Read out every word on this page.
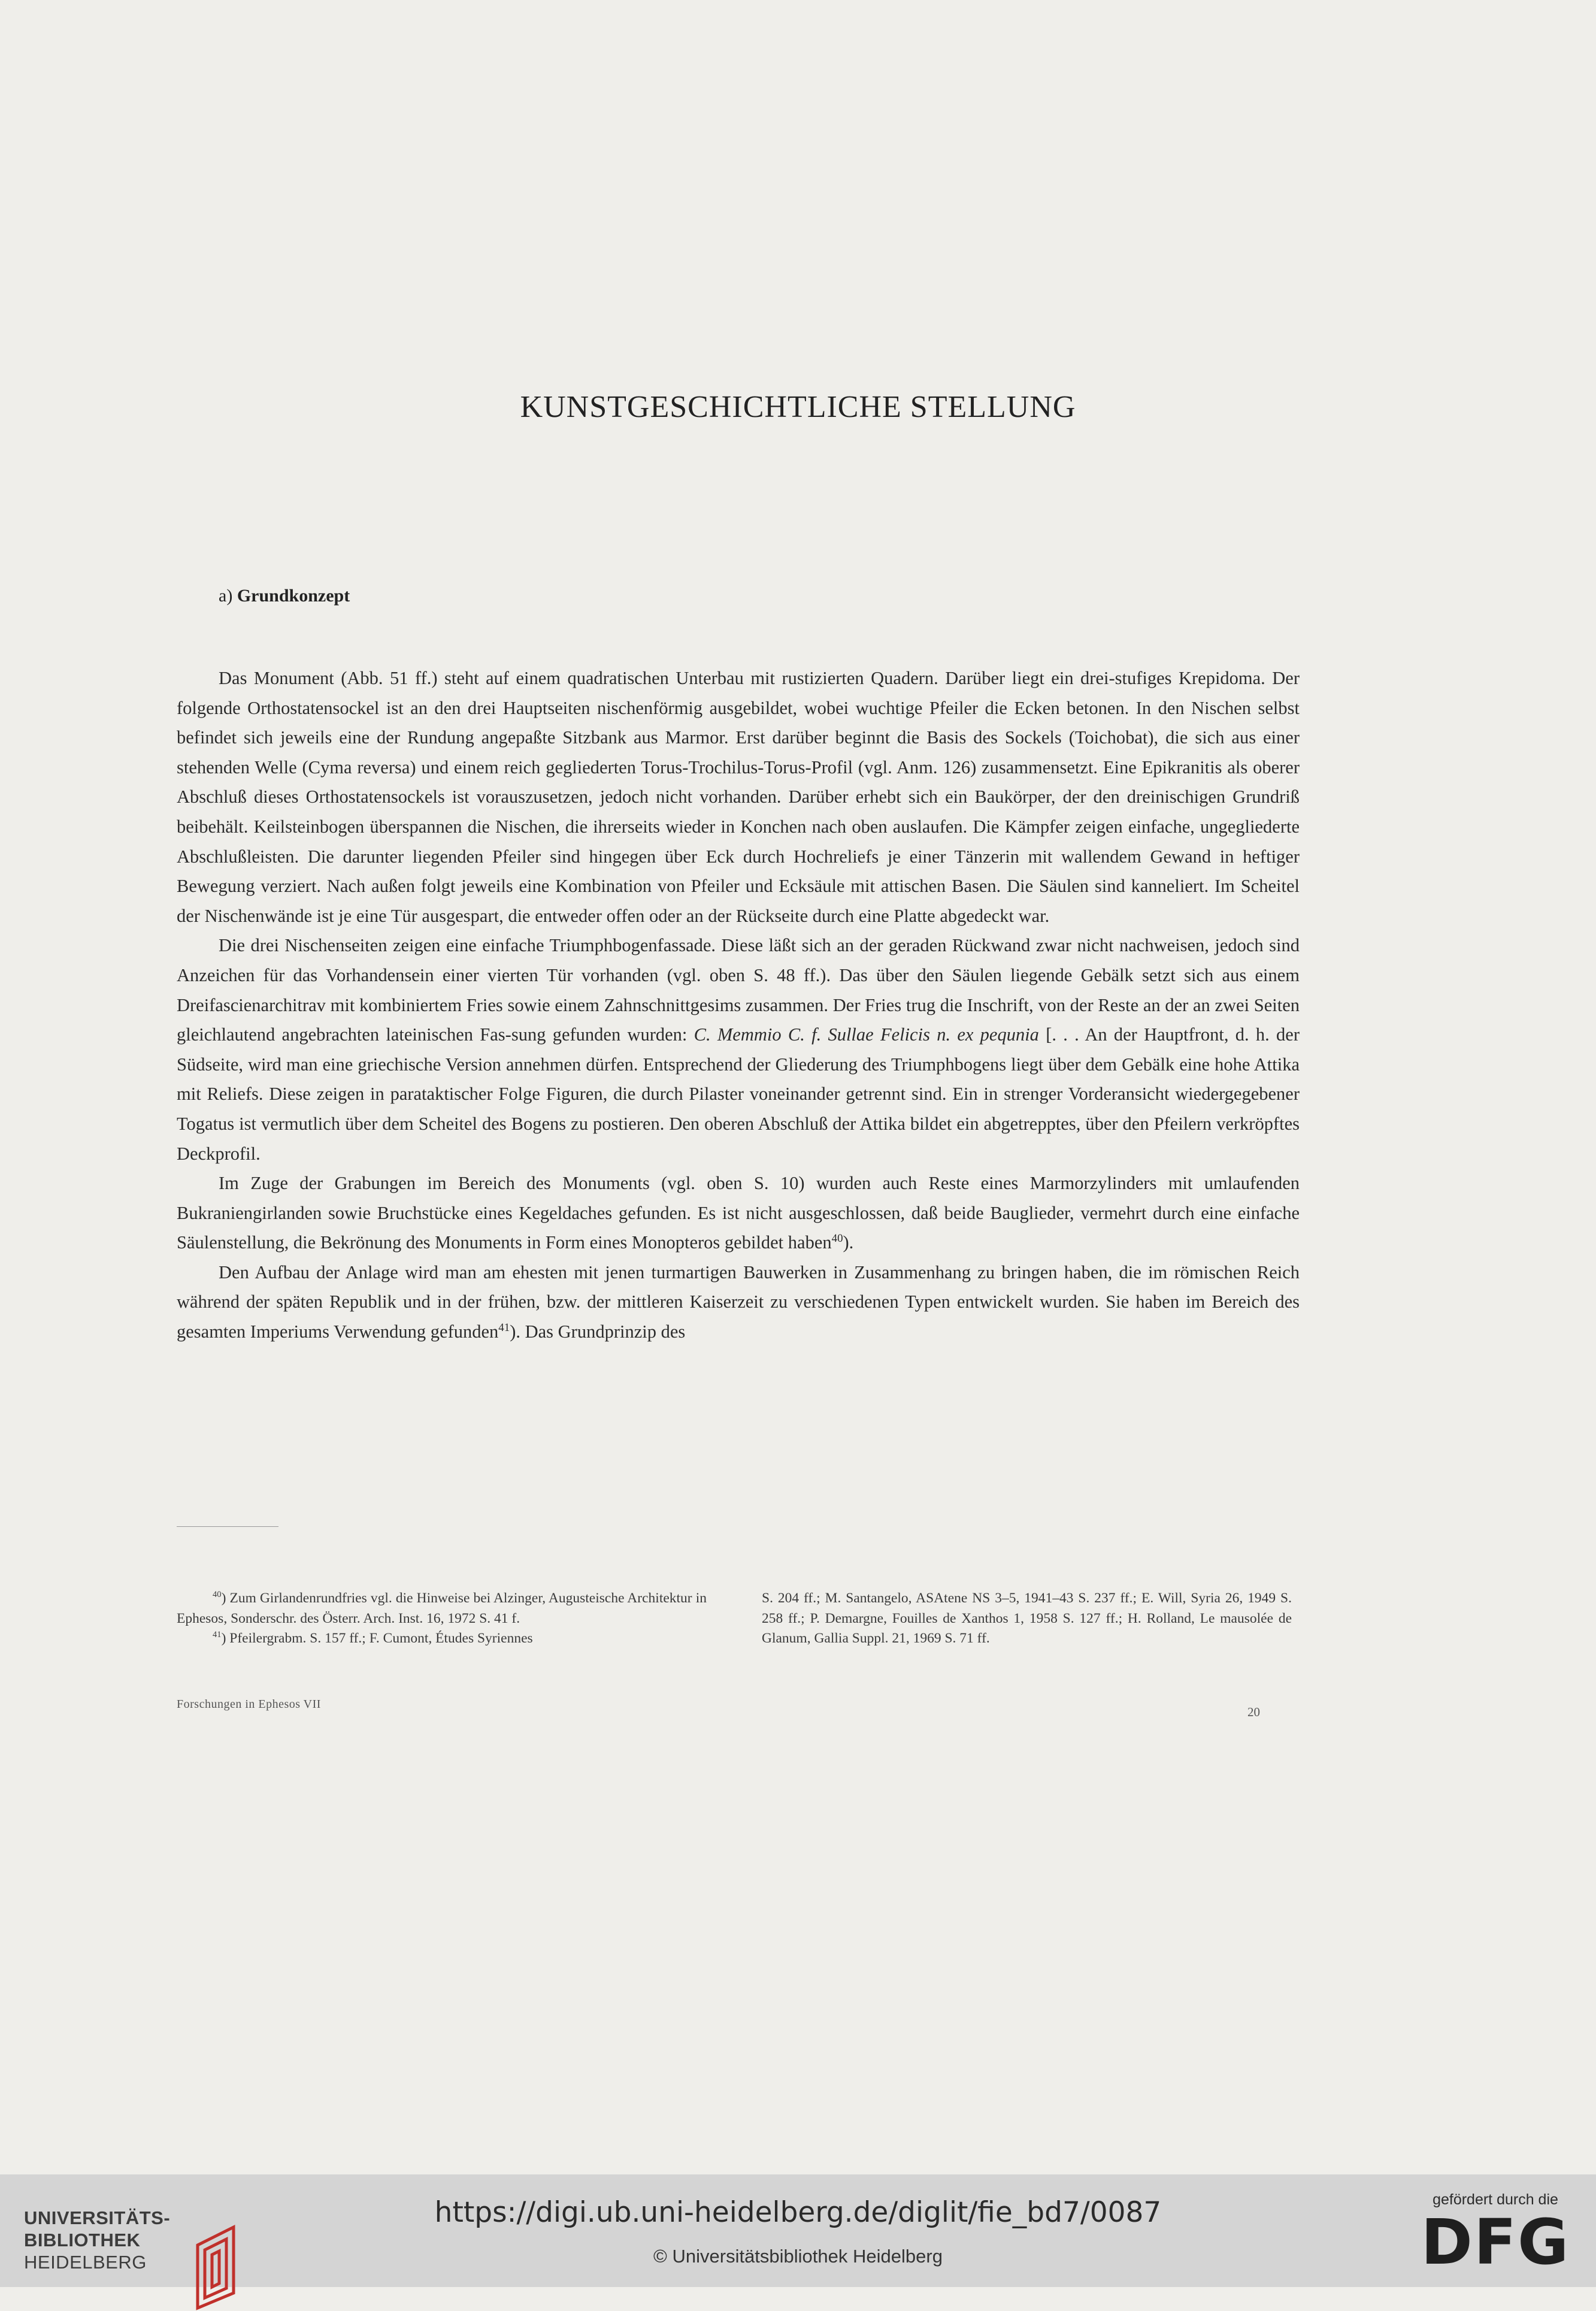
KUNSTGESCHICHTLICHE STELLUNG
a) Grundkonzept

Das Monument (Abb. 51 ff.) steht auf einem quadratischen Unterbau mit rustizierten Quadern. Darüber liegt ein drei-stufiges Krepidoma. Der folgende Orthostatensockel ist an den drei Hauptseiten nischenförmig ausgebildet, wobei wuchtige Pfeiler die Ecken betonen. In den Nischen selbst befindet sich jeweils eine der Rundung angepaßte Sitzbank aus Marmor. Erst darüber beginnt die Basis des Sockels (Toichobat), die sich aus einer stehenden Welle (Cyma reversa) und einem reich gegliederten Torus-Trochilus-Torus-Profil (vgl. Anm. 126) zusammensetzt. Eine Epikranitis als oberer Abschluß dieses Orthostatensockels ist vorauszusetzen, jedoch nicht vorhanden. Darüber erhebt sich ein Baukörper, der den dreinischigen Grundriß beibehält. Keilsteinbogen überspannen die Nischen, die ihrerseits wieder in Konchen nach oben auslaufen. Die Kämpfer zeigen einfache, ungegliederte Abschlußleisten. Die darunter liegenden Pfeiler sind hingegen über Eck durch Hochreliefs je einer Tänzerin mit wallendem Gewand in heftiger Bewegung verziert. Nach außen folgt jeweils eine Kombination von Pfeiler und Ecksäule mit attischen Basen. Die Säulen sind kanneliert. Im Scheitel der Nischenwände ist je eine Tür ausgespart, die entweder offen oder an der Rückseite durch eine Platte abgedeckt war.

Die drei Nischenseiten zeigen eine einfache Triumphbogenfassade. Diese läßt sich an der geraden Rückwand zwar nicht nachweisen, jedoch sind Anzeichen für das Vorhandensein einer vierten Tür vorhanden (vgl. oben S. 48 ff.). Das über den Säulen liegende Gebälk setzt sich aus einem Dreifascienarchitrav mit kombiniertem Fries sowie einem Zahnschnittgesims zusammen. Der Fries trug die Inschrift, von der Reste an der an zwei Seiten gleichlautend angebrachten lateinischen Fas-sung gefunden wurden: C. Memmio C. f. Sullae Felicis n. ex pequnia [. . . An der Hauptfront, d. h. der Südseite, wird man eine griechische Version annehmen dürfen. Entsprechend der Gliederung des Triumphbogens liegt über dem Gebälk eine hohe Attika mit Reliefs. Diese zeigen in parataktischer Folge Figuren, die durch Pilaster voneinander getrennt sind. Ein in strenger Vorderansicht wiedergegebener Togatus ist vermutlich über dem Scheitel des Bogens zu postieren. Den oberen Abschluß der Attika bildet ein abgetrepptes, über den Pfeilern verkröpftes Deckprofil.

Im Zuge der Grabungen im Bereich des Monuments (vgl. oben S. 10) wurden auch Reste eines Marmorzylinders mit umlaufenden Bukraniengirlanden sowie Bruchstücke eines Kegeldaches gefunden. Es ist nicht ausgeschlossen, daß beide Bauglieder, vermehrt durch eine einfache Säulenstellung, die Bekrönung des Monuments in Form eines Monopteros gebildet haben$^{40}$).

Den Aufbau der Anlage wird man am ehesten mit jenen turmartigen Bauwerken in Zusammenhang zu bringen haben, die im römischen Reich während der späten Republik und in der frühen, bzw. der mittleren Kaiserzeit zu verschiedenen Typen entwickelt wurden. Sie haben im Bereich des gesamten Imperiums Verwendung gefunden$^{41}$). Das Grundprinzip des

$^{40}$) Zum Girlandenrundfries vgl. die Hinweise bei Alzinger, Augusteische Architektur in Ephesos, Sonderschr. des Österr. Arch. Inst. 16, 1972 S. 41 f.

$^{41}$) Pfeilergrabm. S. 157 ff.; F. Cumont, Études Syriennes

S. 204 ff.; M. Santangelo, ASAtene NS 3–5, 1941–43 S. 237 ff.; E. Will, Syria 26, 1949 S. 258 ff.; P. Demargne, Fouilles de Xanthos 1, 1958 S. 127 ff.; H. Rolland, Le mausolée de Glanum, Gallia Suppl. 21, 1969 S. 71 ff.

Forschungen in Ephesos VII
20
UNIVERSITÄTS-
BIBLIOTHEK
HEIDELBERG
https://digi.ub.uni-heidelberg.de/diglit/fie_bd7/0087
© Universitätsbibliothek Heidelberg
gefördert durch die
DFG
